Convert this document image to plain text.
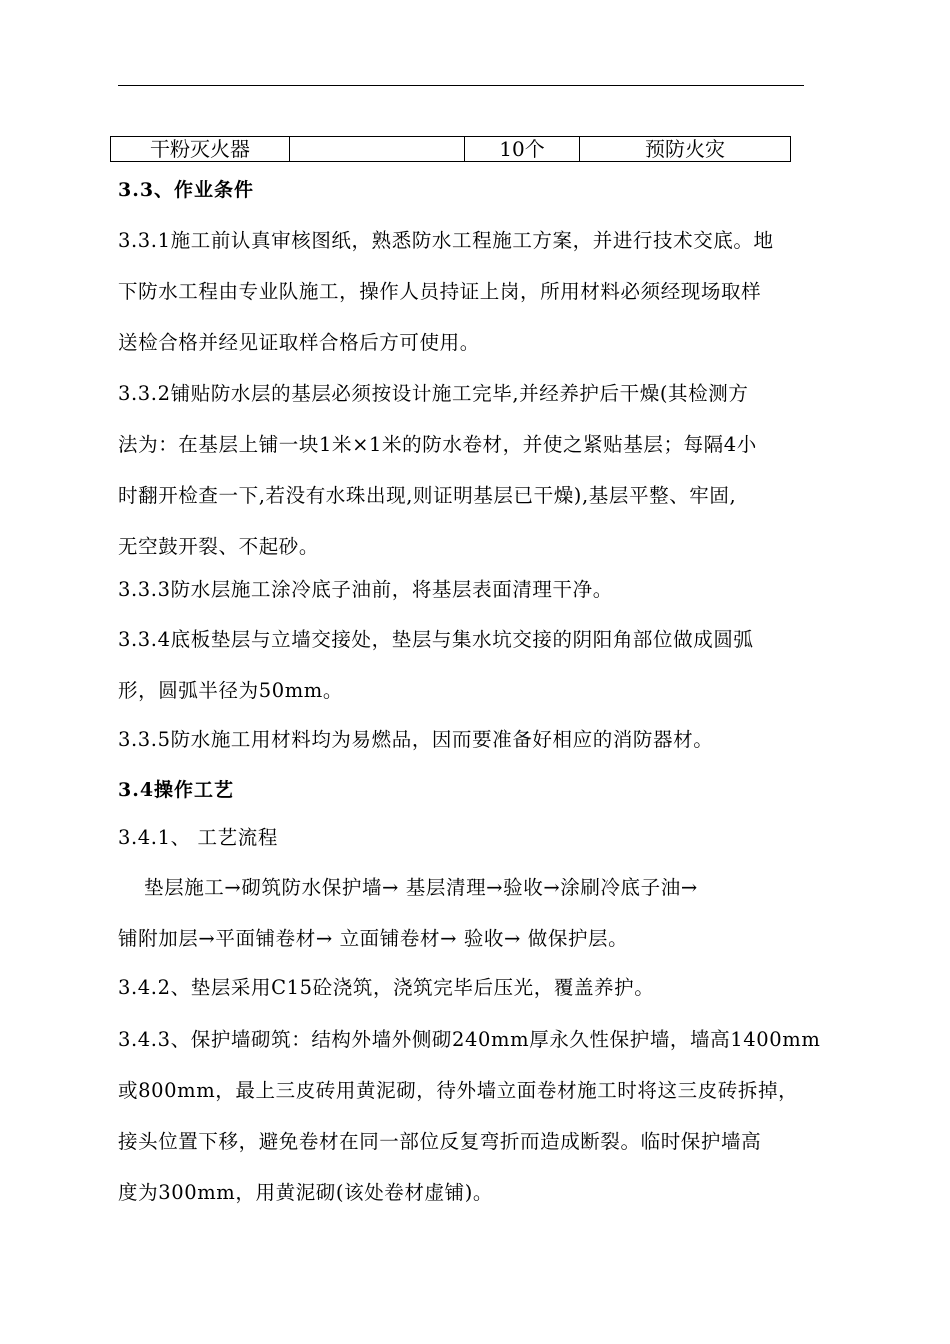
干粉灭火器		10个	预防火灾
3.3、作业条件
3.3.1施工前认真审核图纸，熟悉防水工程施工方案，并进行技术交底。地
下防水工程由专业队施工，操作人员持证上岗，所用材料必须经现场取样
送检合格并经见证取样合格后方可使用。
3.3.2铺贴防水层的基层必须按设计施工完毕,并经养护后干燥(其检测方
法为：在基层上铺一块1米×1米的防水卷材，并使之紧贴基层；每隔4小
时翻开检查一下,若没有水珠出现,则证明基层已干燥),基层平整、牢固,
无空鼓开裂、不起砂。
3.3.3防水层施工涂冷底子油前，将基层表面清理干净。
3.3.4底板垫层与立墙交接处，垫层与集水坑交接的阴阳角部位做成圆弧
形，圆弧半径为50mm。
3.3.5防水施工用材料均为易燃品，因而要准备好相应的消防器材。
3.4操作工艺
3.4.1、 工艺流程
垫层施工→砌筑防水保护墙→ 基层清理→验收→涂刷冷底子油→
铺附加层→平面铺卷材→ 立面铺卷材→ 验收→ 做保护层。
3.4.2、垫层采用C15砼浇筑，浇筑完毕后压光，覆盖养护。
3.4.3、保护墙砌筑：结构外墙外侧砌240mm厚永久性保护墙，墙高1400mm
或800mm，最上三皮砖用黄泥砌，待外墙立面卷材施工时将这三皮砖拆掉，
接头位置下移，避免卷材在同一部位反复弯折而造成断裂。临时保护墙高
度为300mm，用黄泥砌(该处卷材虚铺)。
